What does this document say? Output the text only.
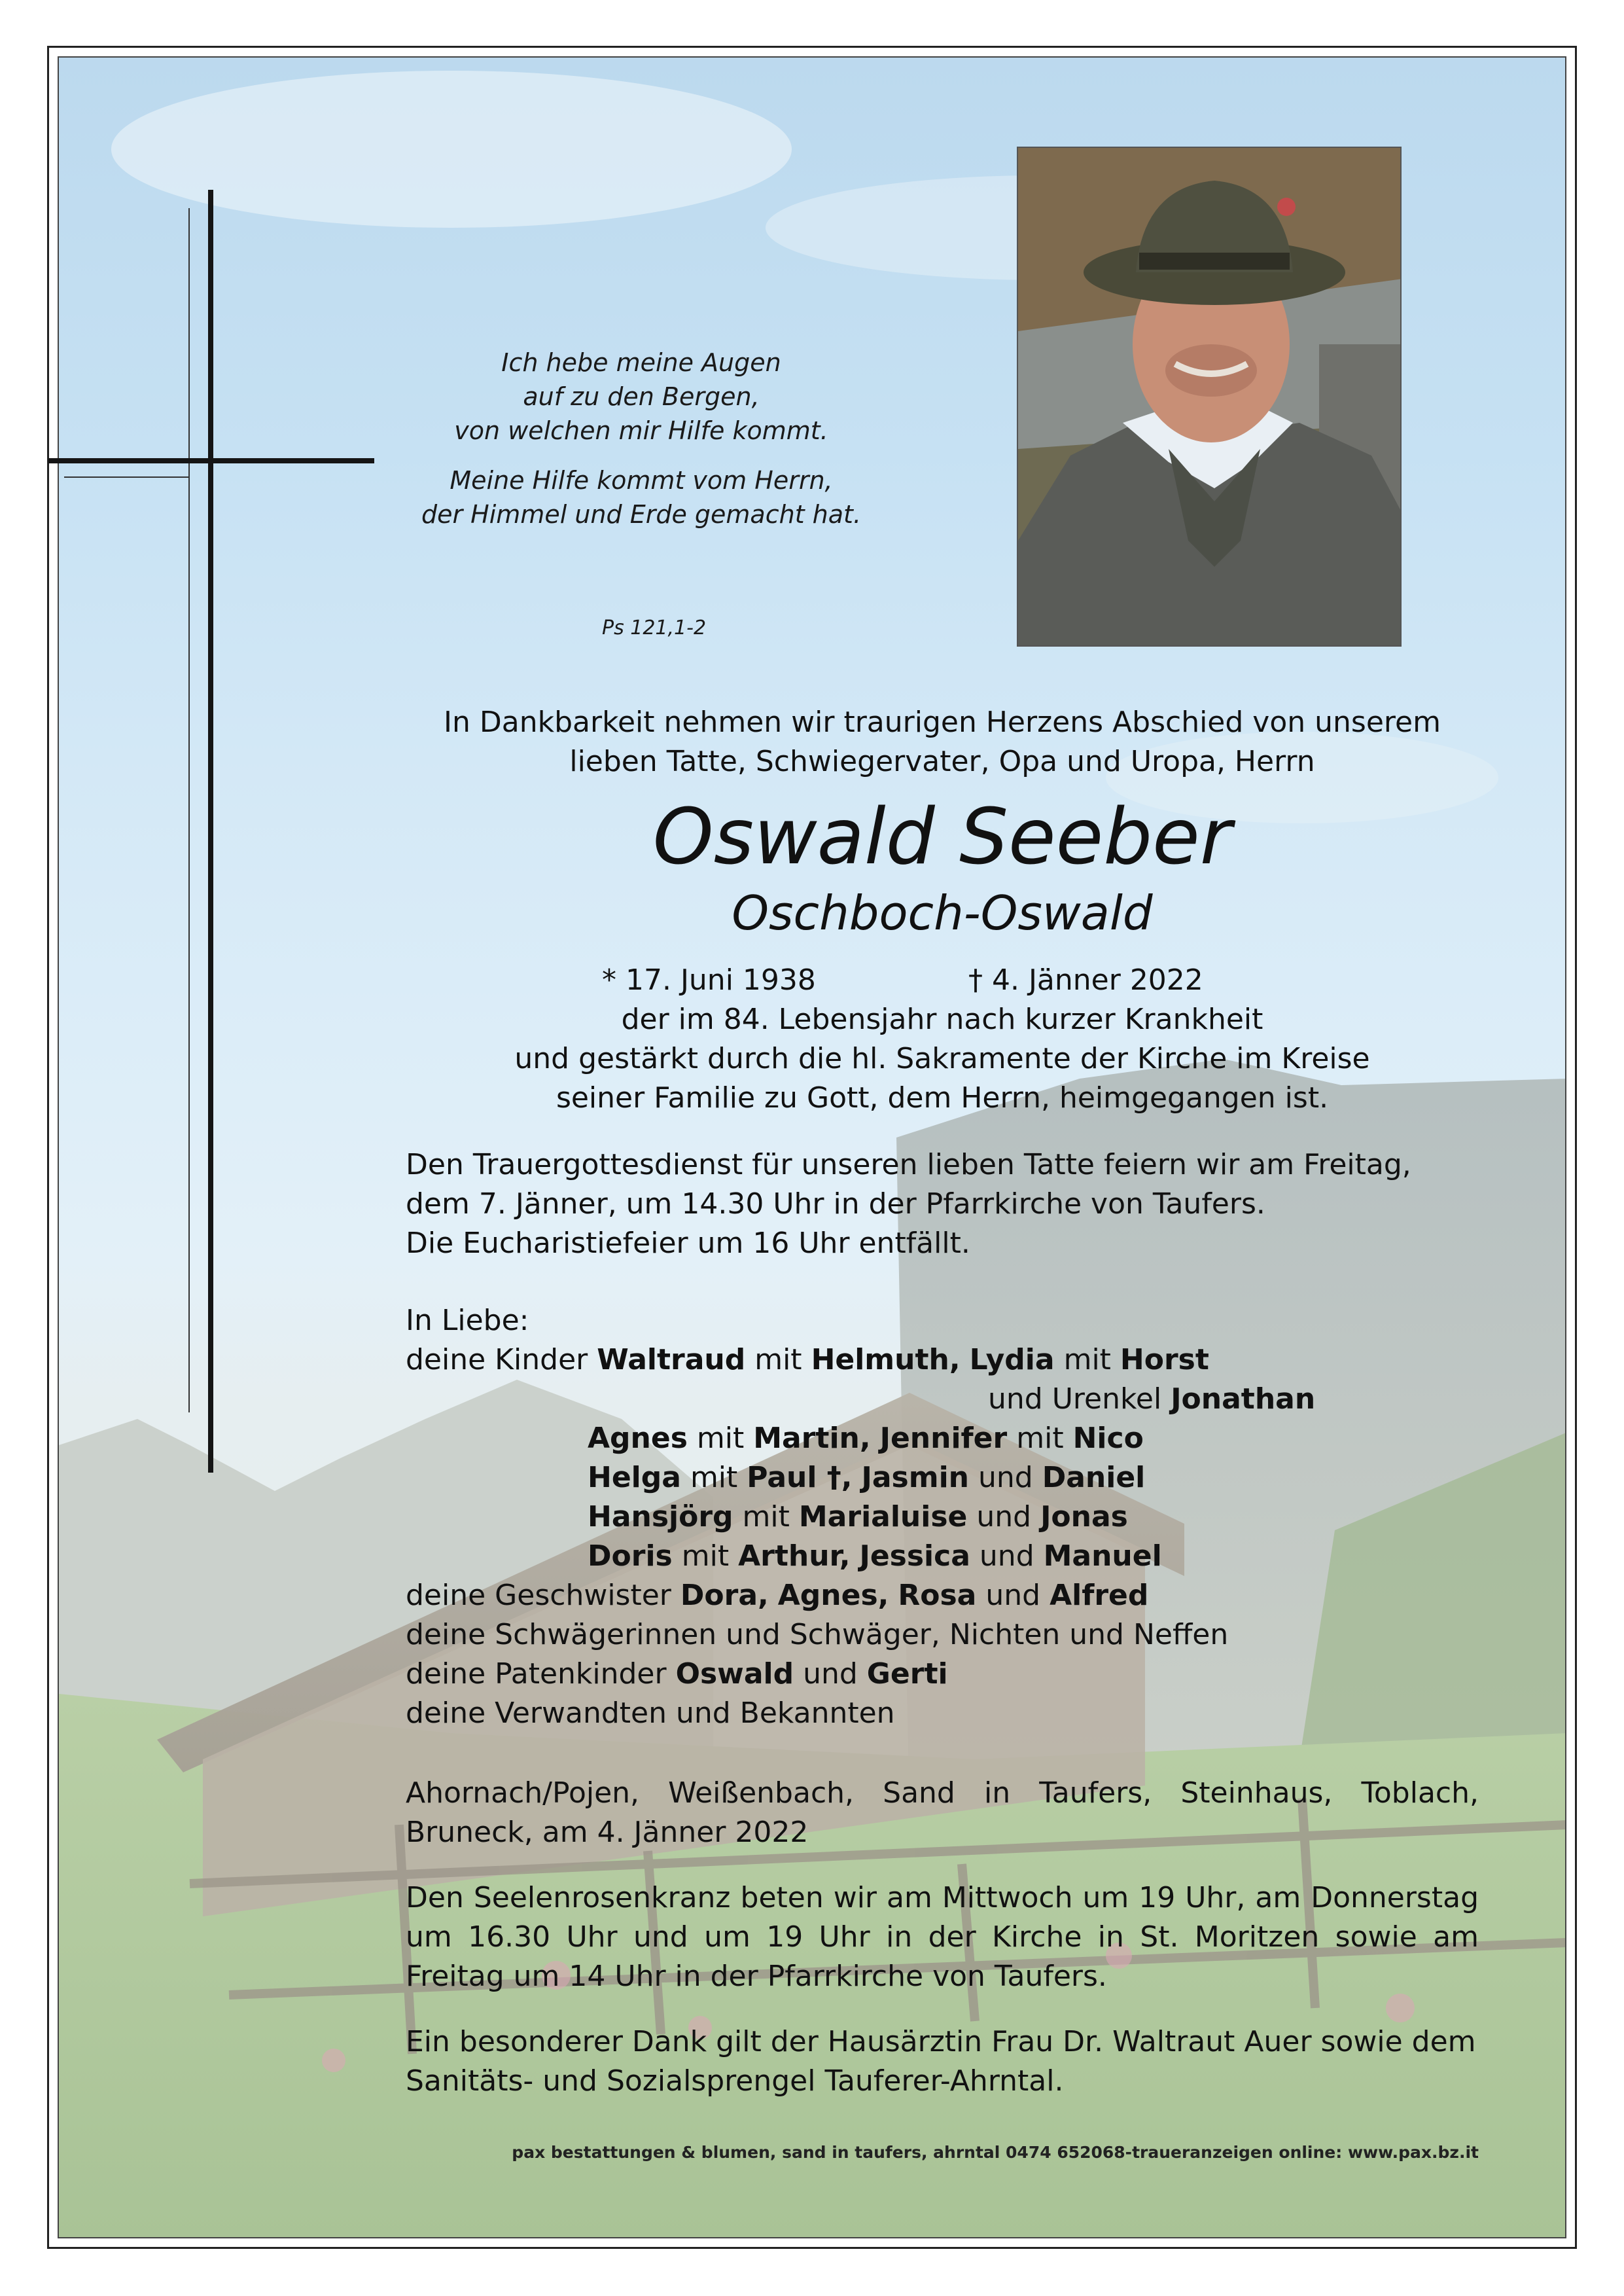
Ich hebe meine Augen
auf zu den Bergen,
von welchen mir Hilfe kommt.

Meine Hilfe kommt vom Herrn,
der Himmel und Erde gemacht hat.

Ps 121,1-2
In Dankbarkeit nehmen wir traurigen Herzens Abschied von unserem
lieben Tatte, Schwiegervater, Opa und Uropa, Herrn
Oswald Seeber
Oschboch-Oswald
* 17. Juni 1938	† 4. Jänner 2022
der im 84. Lebensjahr nach kurzer Krankheit
und gestärkt durch die hl. Sakramente der Kirche im Kreise
seiner Familie zu Gott, dem Herrn, heimgegangen ist.
Den Trauergottesdienst für unseren lieben Tatte feiern wir am Freitag,
dem 7. Jänner, um 14.30 Uhr in der Pfarrkirche von Taufers.
Die Eucharistiefeier um 16 Uhr entfällt.
In Liebe:
deine Kinder Waltraud mit Helmuth, Lydia mit Horst
und Urenkel Jonathan
Agnes mit Martin, Jennifer mit Nico
Helga mit Paul †, Jasmin und Daniel
Hansjörg mit Marialuise und Jonas
Doris mit Arthur, Jessica und Manuel
deine Geschwister Dora, Agnes, Rosa und Alfred
deine Schwägerinnen und Schwäger, Nichten und Neffen
deine Patenkinder Oswald und Gerti
deine Verwandten und Bekannten
Ahornach/Pojen, Weißenbach, Sand in Taufers, Steinhaus, Toblach, Bruneck, am 4. Jänner 2022
Den Seelenrosenkranz beten wir am Mittwoch um 19 Uhr, am Donnerstag um 16.30 Uhr und um 19 Uhr in der Kirche in St. Moritzen sowie am Freitag um 14 Uhr in der Pfarrkirche von Taufers.
Ein besonderer Dank gilt der Hausärztin Frau Dr. Waltraut Auer sowie dem Sanitäts- und Sozialsprengel Tauferer-Ahrntal.
pax bestattungen & blumen, sand in taufers, ahrntal 0474 652068-traueranzeigen online: www.pax.bz.it
